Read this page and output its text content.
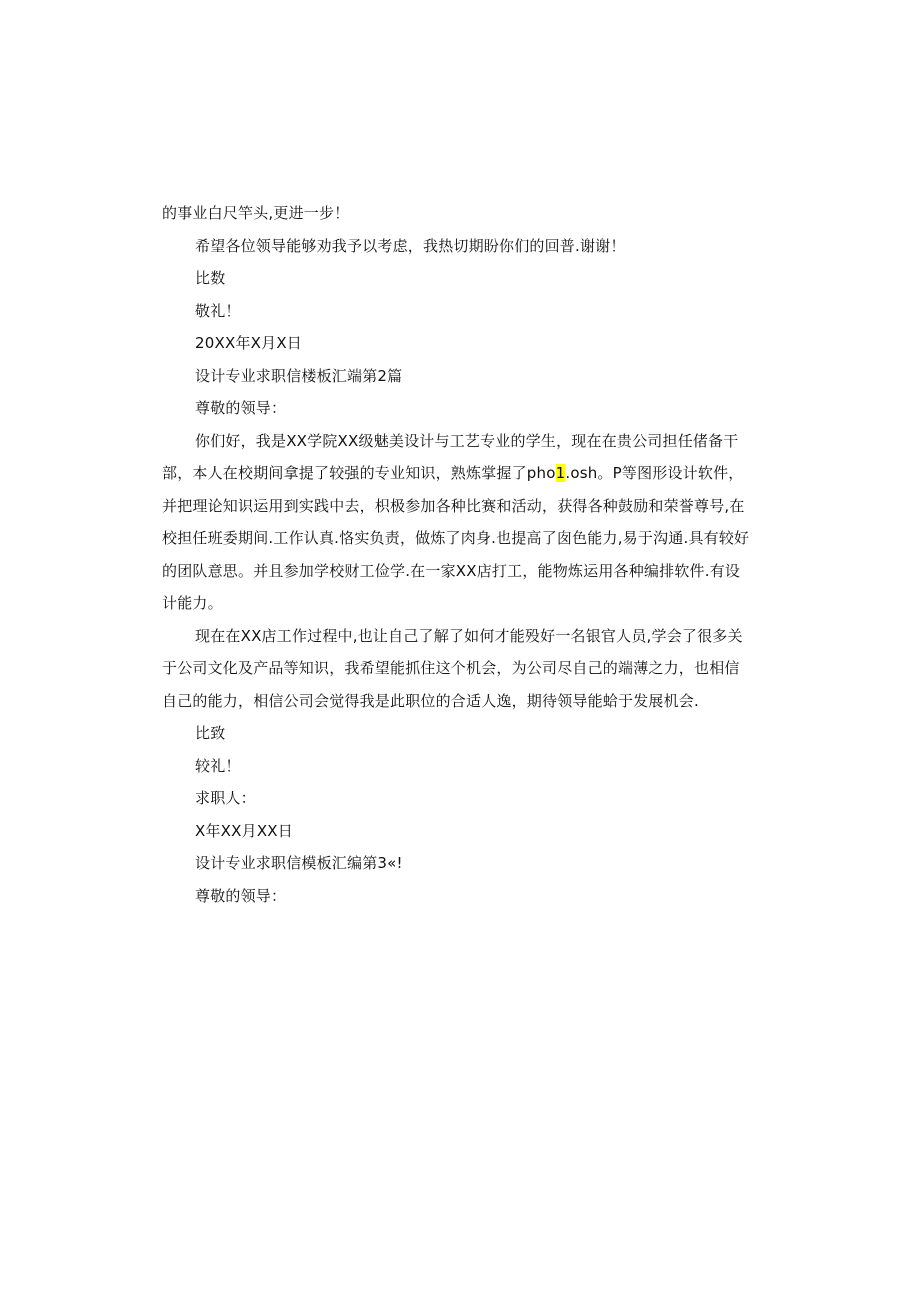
的事业白尺竿头,更进一步！
希望各位领导能够劝我予以考虑，我热切期盼你们的回普.谢谢！
比数
敬礼！
20XX年X月X日
设计专业求职信楼板汇端第2篇
尊敬的领导：
你们好，我是XX学院XX级魅美设计与工艺专业的学生，现在在贵公司担任偖备干
部，本人在校期间拿提了较强的专业知识，熟炼掌握了pho1.osh。P等图形设计软件，
并把理论知识运用到实践中去，枳极参加各种比赛和活动，获得各种鼓励和荣誉尊号,在
校担任班委期间.工作认真.恪实负责，做炼了肉身.也提高了囱色能力,易于沟通.具有较好
的团队意思。并且参加学校财工俭学.在一家XX店打工，能物炼运用各种编排软件.有设
计能力。
现在在XX店工作过程中,也让自己了解了如何才能殁好一名银官人员,学会了很多关
于公司文化及产品等知识，我希望能抓住这个机会，为公司尽自己的端薄之力，也相信
自己的能力，相信公司会觉得我是此职位的合适人逸，期待领导能蛤于发展机会.
比致
较礼！
求职人：
X年XX月XX日
设计专业求职信模板汇编第3«!
尊敬的领导：
